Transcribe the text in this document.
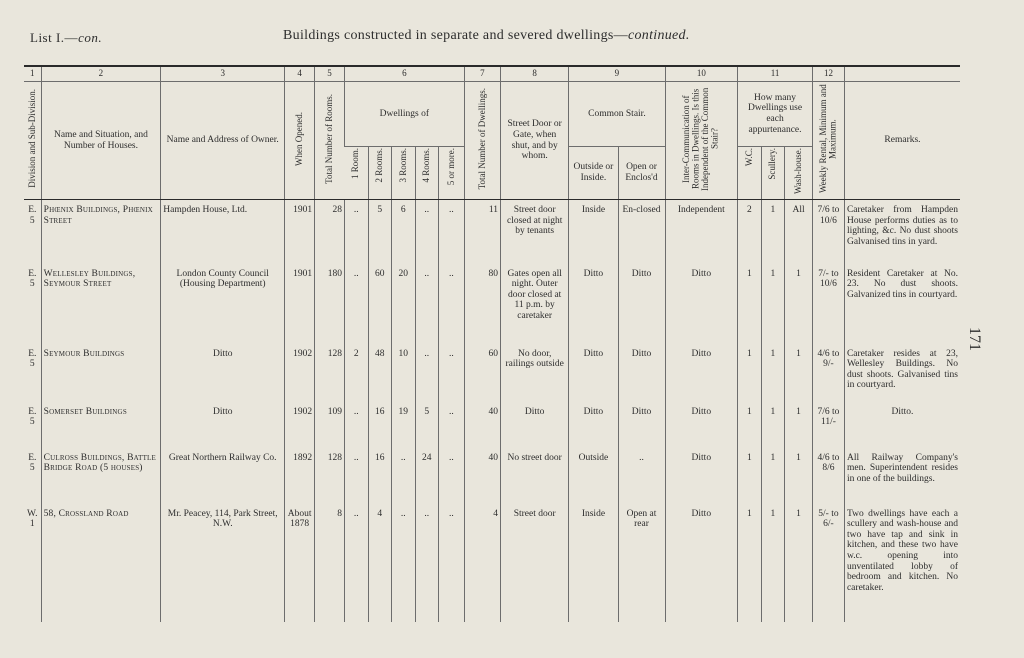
List I.—con.	Buildings constructed in separate and severed dwellings—continued.
171
1	2	3	4	5	6					7	8	9		10	11			12	
Division and Sub-Division.	Name and Situation, and Number of Houses.	Name and Address of Owner.	When Opened.	Total Number of Rooms.	Dwellings of					Total Number of Dwellings.	Street Door or Gate, when shut, and by whom.	Common Stair.		Inter-Communication of Rooms in Dwellings. Is this Independent of the Common Stair?	How many Dwellings use each appurtenance.			Weekly Rental, Minimum and Maximum.	Remarks.
					1 Room.	2 Rooms.	3 Rooms.	4 Rooms.	5 or more.			Outside or Inside.	Open or Enclos'd		W.C.	Scullery.	Wash-house.		
E. 5	Phœnix Buildings, Phœnix Street	Hampden House, Ltd.	1901	28	..	5	6	..	..	11	Street door closed at night by tenants	Inside	En-closed	Independent	2	1	All	7/6 to 10/6	Caretaker from Hampden House performs duties as to lighting, &c. No dust shoots Galvanised tins in yard.
E. 5	Wellesley Buildings, Seymour Street	London County Council (Housing Department)	1901	180	..	60	20	..	..	80	Gates open all night. Outer door closed at 11 p.m. by caretaker	Ditto	Ditto	Ditto	1	1	1	7/- to 10/6	Resident Caretaker at No. 23. No dust shoots. Galvanized tins in courtyard.
E. 5	Seymour Buildings	Ditto	1902	128	2	48	10	..	..	60	No door, railings outside	Ditto	Ditto	Ditto	1	1	1	4/6 to 9/-	Caretaker resides at 23, Wellesley Buildings. No dust shoots. Galvanised tins in courtyard.
E. 5	Somerset Buildings	Ditto	1902	109	..	16	19	5	..	40	Ditto	Ditto	Ditto	Ditto	1	1	1	7/6 to 11/-	Ditto.
E. 5	Culross Buildings, Battle Bridge Road (5 houses)	Great Northern Railway Co.	1892	128	..	16	..	24	..	40	No street door	Outside	..	Ditto	1	1	1	4/6 to 8/6	All Railway Company's men. Superintendent resides in one of the buildings.
W. 1	58, Crossland Road	Mr. Peacey, 114, Park Street, N.W.	About 1878	8	..	4	..	..	..	4	Street door	Inside	Open at rear	Ditto	1	1	1	5/- to 6/-	Two dwellings have each a scullery and wash-house and two have tap and sink in kitchen, and these two have w.c. opening into unventilated lobby of bedroom and kitchen. No caretaker.
